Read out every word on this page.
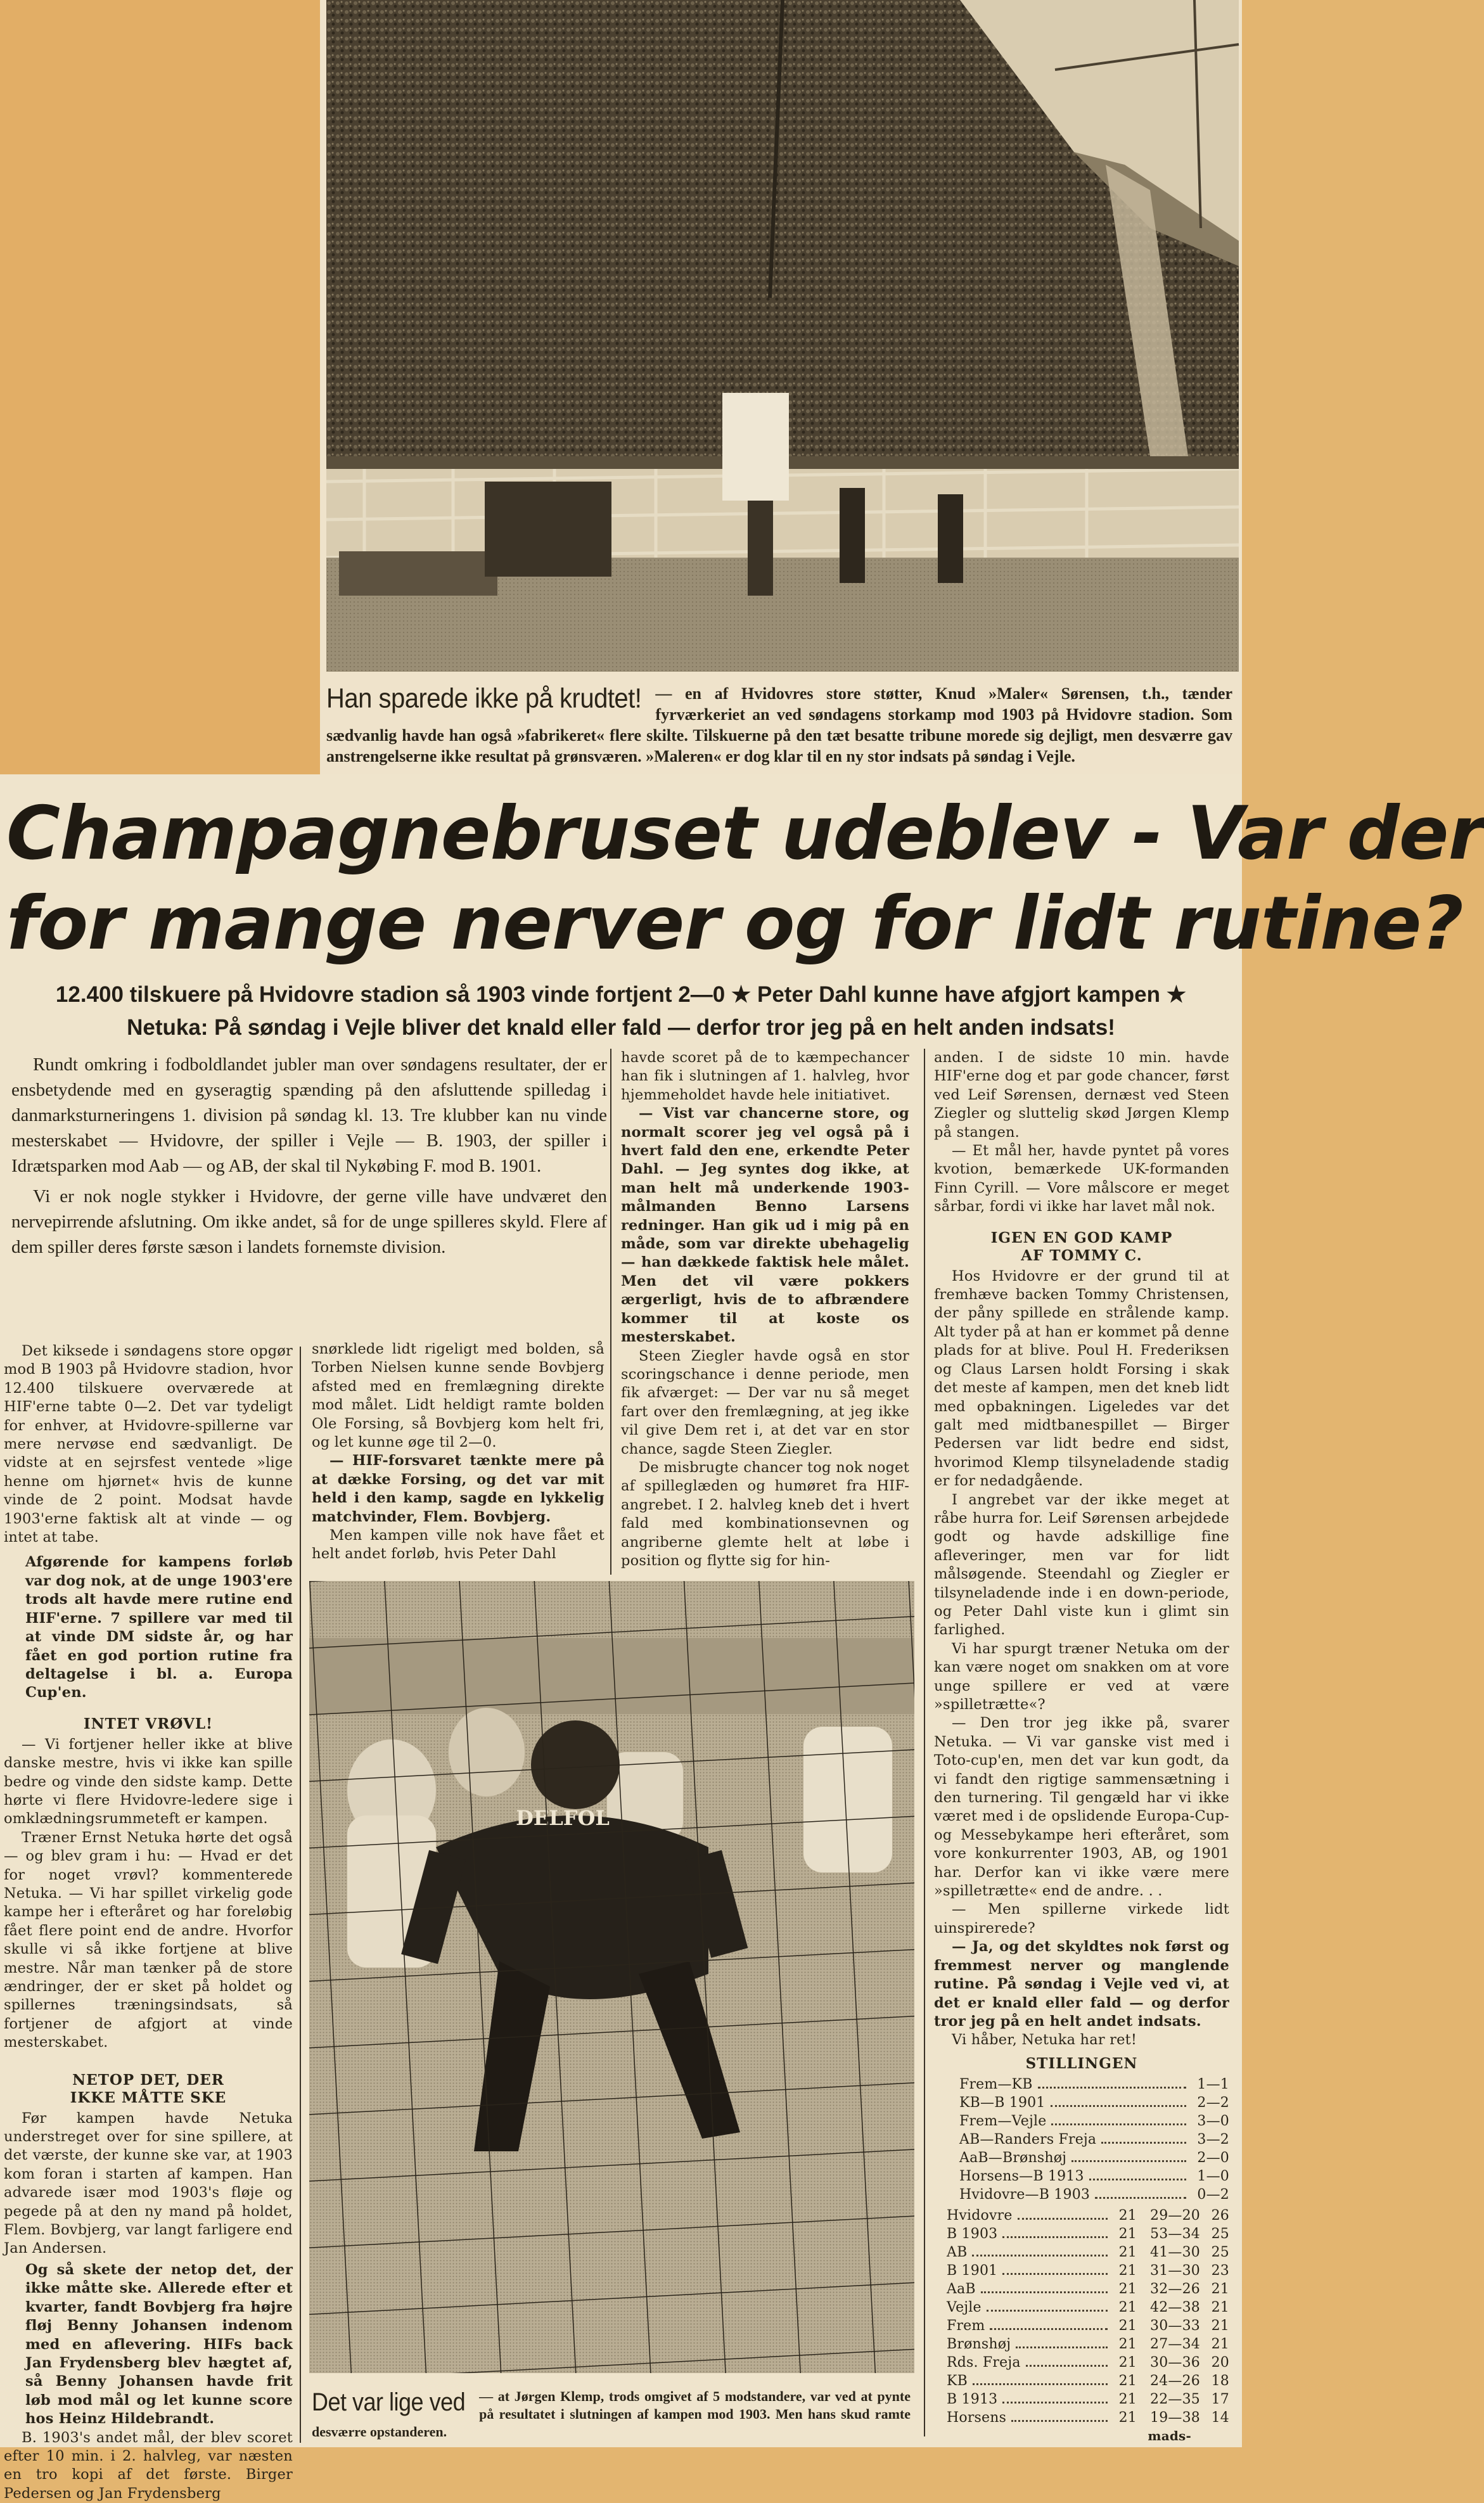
Han sparede ikke på krudtet! — en af Hvidovres store støtter, Knud »Maler« Sørensen, t.h., tænder fyrværkeriet an ved søndagens storkamp mod 1903 på Hvidovre stadion. Som sædvanlig havde han også »fabrikeret« flere skilte. Tilskuerne på den tæt besatte tribune morede sig dejligt, men desværre gav anstrengelserne ikke resultat på grønsværen. »Maleren« er dog klar til en ny stor indsats på søndag i Vejle.
Champagnebruset udeblev - Var der
for mange nerver og for lidt rutine?
12.400 tilskuere på Hvidovre stadion så 1903 vinde fortjent 2—0 ★ Peter Dahl kunne have afgjort kampen ★
Netuka: På søndag i Vejle bliver det knald eller fald — derfor tror jeg på en helt anden indsats!

Rundt omkring i fodboldlandet jubler man over søndagens resultater, der er ensbetydende med en gyseragtig spænding på den afsluttende spilledag i danmarksturneringens 1. division på søndag kl. 13. Tre klubber kan nu vinde mesterskabet — Hvidovre, der spiller i Vejle — B. 1903, der spiller i Idrætsparken mod Aab — og AB, der skal til Nykøbing F. mod B. 1901.

Vi er nok nogle stykker i Hvidovre, der gerne ville have undværet den nervepirrende afslutning. Om ikke andet, så for de unge spilleres skyld. Flere af dem spiller deres første sæson i landets fornemste division.

Det kiksede i søndagens store opgør mod B 1903 på Hvidovre stadion, hvor 12.400 tilskuere overværede at HIF'erne tabte 0—2. Det var tydeligt for enhver, at Hvidovre-spillerne var mere nervøse end sædvanligt. De vidste at en sejrsfest ventede »lige henne om hjørnet« hvis de kunne vinde de 2 point. Modsat havde 1903'erne faktisk alt at vinde — og intet at tabe.

Afgørende for kampens forløb var dog nok, at de unge 1903'ere trods alt havde mere rutine end HIF'erne. 7 spillere var med til at vinde DM sidste år, og har fået en god portion rutine fra deltagelse i bl. a. Europa Cup'en.

INTET VRØVL!

— Vi fortjener heller ikke at blive danske mestre, hvis vi ikke kan spille bedre og vinde den sidste kamp. Dette hørte vi flere Hvidovre-ledere sige i omklædningsrummeteft er kampen.

Træner Ernst Netuka hørte det også — og blev gram i hu: — Hvad er det for noget vrøvl? kommenterede Netuka. — Vi har spillet virkelig gode kampe her i efteråret og har foreløbig fået flere point end de andre. Hvorfor skulle vi så ikke fortjene at blive mestre. Når man tænker på de store ændringer, der er sket på holdet og spillernes træningsindsats, så fortjener de afgjort at vinde mesterskabet.

NETOP DET, DER
IKKE MÅTTE SKE

Før kampen havde Netuka understreget over for sine spillere, at det værste, der kunne ske var, at 1903 kom foran i starten af kampen. Han advarede især mod 1903's fløje og pegede på at den ny mand på holdet, Flem. Bovbjerg, var langt farligere end Jan Andersen.

Og så skete der netop det, der ikke måtte ske. Allerede efter et kvarter, fandt Bovbjerg fra højre fløj Benny Johansen indenom med en aflevering. HIFs back Jan Frydensberg blev hægtet af, så Benny Johansen havde frit løb mod mål og let kunne score hos Heinz Hildebrandt.

B. 1903's andet mål, der blev scoret efter 10 min. i 2. halvleg, var næsten en tro kopi af det første. Birger Pedersen og Jan Frydensberg

snørklede lidt rigeligt med bolden, så Torben Nielsen kunne sende Bovbjerg afsted med en fremlægning direkte mod målet. Lidt heldigt ramte bolden Ole Forsing, så Bovbjerg kom helt fri, og let kunne øge til 2—0.

— HIF-forsvaret tænkte mere på at dække Forsing, og det var mit held i den kamp, sagde en lykkelig matchvinder, Flem. Bovbjerg.

Men kampen ville nok have fået et helt andet forløb, hvis Peter Dahl

havde scoret på de to kæmpechancer han fik i slutningen af 1. halvleg, hvor hjemmeholdet havde hele initiativet.

— Vist var chancerne store, og normalt scorer jeg vel også på i hvert fald den ene, erkendte Peter Dahl. — Jeg syntes dog ikke, at man helt må underkende 1903-målmanden Benno Larsens redninger. Han gik ud i mig på en måde, som var direkte ubehagelig — han dækkede faktisk hele målet. Men det vil være pokkers ærgerligt, hvis de to afbrændere kommer til at koste os mesterskabet.

Steen Ziegler havde også en stor scoringschance i denne periode, men fik afværget: — Der var nu så meget fart over den fremlægning, at jeg ikke vil give Dem ret i, at det var en stor chance, sagde Steen Ziegler.

De misbrugte chancer tog nok noget af spilleglæden og humøret fra HIF-angrebet. I 2. halvleg kneb det i hvert fald med kombinationsevnen og angriberne glemte helt at løbe i position og flytte sig for hin-

Det var lige ved — at Jørgen Klemp, trods omgivet af 5 modstandere, var ved at pynte på resultatet i slutningen af kampen mod 1903. Men hans skud ramte desværre opstanderen.

anden. I de sidste 10 min. havde HIF'erne dog et par gode chancer, først ved Leif Sørensen, dernæst ved Steen Ziegler og sluttelig skød Jørgen Klemp på stangen.

— Et mål her, havde pyntet på vores kvotion, bemærkede UK-formanden Finn Cyrill. — Vore målscore er meget sårbar, fordi vi ikke har lavet mål nok.

IGEN EN GOD KAMP
AF TOMMY C.

Hos Hvidovre er der grund til at fremhæve backen Tommy Christensen, der påny spillede en strålende kamp. Alt tyder på at han er kommet på denne plads for at blive. Poul H. Frederiksen og Claus Larsen holdt Forsing i skak det meste af kampen, men det kneb lidt med opbakningen. Ligeledes var det galt med midtbanespillet — Birger Pedersen var lidt bedre end sidst, hvorimod Klemp tilsyneladende stadig er for nedadgående.

I angrebet var der ikke meget at råbe hurra for. Leif Sørensen arbejdede godt og havde adskillige fine afleveringer, men var for lidt målsøgende. Steendahl og Ziegler er tilsyneladende inde i en down-periode, og Peter Dahl viste kun i glimt sin farlighed.

Vi har spurgt træner Netuka om der kan være noget om snakken om at vore unge spillere er ved at være »spilletrætte«?

— Den tror jeg ikke på, svarer Netuka. — Vi var ganske vist med i Toto-cup'en, men det var kun godt, da vi fandt den rigtige sammensætning i den turnering. Til gengæld har vi ikke været med i de opslidende Europa-Cup- og Messebykampe heri efteråret, som vore konkurrenter 1903, AB, og 1901 har. Derfor kan vi ikke være mere »spilletrætte« end de andre. . .

— Men spillerne virkede lidt uinspirerede?

— Ja, og det skyldtes nok først og fremmest nerver og manglende rutine. På søndag i Vejle ved vi, at det er knald eller fald — og derfor tror jeg på en helt andet indsats.

Vi håber, Netuka har ret!

STILLINGEN
Frem—KB	1—1
KB—B 1901	2—2
Frem—Vejle	3—0
AB—Randers Freja	3—2
AaB—Brønshøj	2—0
Horsens—B 1913	1—0
Hvidovre—B 1903	0—2
Hvidovre	21 29—20 26
B 1903	21 53—34 25
AB	21 41—30 25
B 1901	21 31—30 23
AaB	21 32—26 21
Vejle	21 42—38 21
Frem	21 30—33 21
Brønshøj	21 27—34 21
Rds. Freja	21 30—36 20
KB	21 24—26 18
B 1913	21 22—35 17
Horsens	21 19—38 14
mads-
